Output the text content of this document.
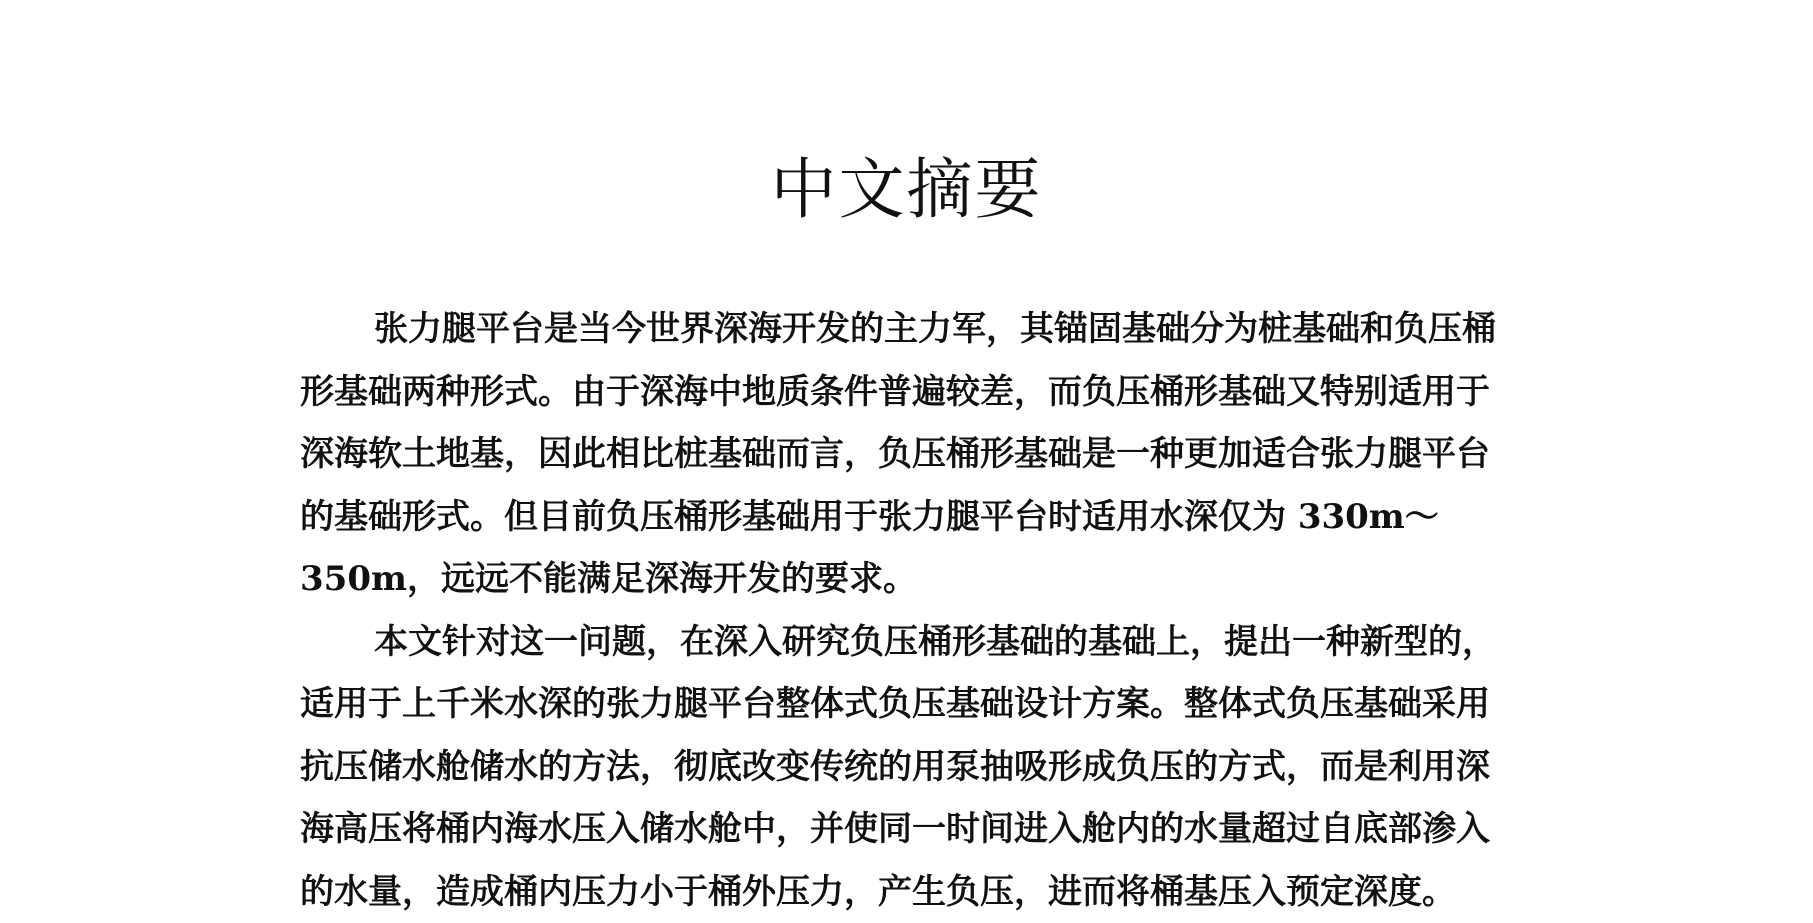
中文摘要
张力腿平台是当今世界深海开发的主力军，其锚固基础分为桩基础和负压桶
形基础两种形式。由于深海中地质条件普遍较差，而负压桶形基础又特别适用于
深海软土地基，因此相比桩基础而言，负压桶形基础是一种更加适合张力腿平台
的基础形式。但目前负压桶形基础用于张力腿平台时适用水深仅为 330m～
350m，远远不能满足深海开发的要求。
本文针对这一问题，在深入研究负压桶形基础的基础上，提出一种新型的，
适用于上千米水深的张力腿平台整体式负压基础设计方案。整体式负压基础采用
抗压储水舱储水的方法，彻底改变传统的用泵抽吸形成负压的方式，而是利用深
海高压将桶内海水压入储水舱中，并使同一时间进入舱内的水量超过自底部渗入
的水量，造成桶内压力小于桶外压力，产生负压，进而将桶基压入预定深度。
